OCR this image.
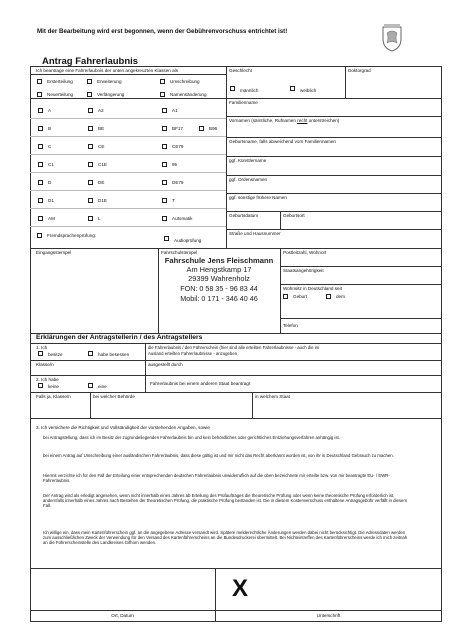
Mit der Bearbeitung wird erst begonnen, wenn der Gebührenvorschuss entrichtet ist!
Antrag Fahrerlaubnis
Ich beantrage eine Fahrerlaubnis der unten angekreuzten Klassen als
Ersterteilung	Erweiterung	Umschreibung
Neuerteilung	Verlängerung	Namensänderung
Geschlecht
männlich	weiblich
Doktorgrad
A	A2	A1
B	BE	BF17	B96
C	CE	CE79
C1	C1E	95
D	DE	DE79
D1	D1E	T
AM	L	Automatik
Fremdsprachenprüfung:
Audioprüfung
Familienname
Vornamen (sämtliche, Rufnamen recht unterstreichen)
Geburtsname, falls abweichend vom Familiennamen
ggf. Künstlername
ggf. Ordensnamen
ggf. sonstige frühere Namen
Geburtsdatum	Geburtsort
Straße und Hausnummer
Eingangsstempel	Fahrschulstempel
Fahrschule Jens Fleischmann
Am Hengstkamp 17
29399 Wahrenholz
FON: 0 58 35 - 96 83 44
Mobil: 0 171 - 346 40 46
Postleitzahl, Wohnort
Staatsangehörigkeit
Wohnsitz in Deutschland seit
Geburt	dem
Telefon
Erklärungen der Antragstellerin / des Antragstellers
1. Ich
besitze	habe besessen
die Fahrerlaubnis / den Führerschein (hier sind alle erteilten Fahrerlaubnisse - auch die im
Ausland erteilten Fahrerlaubnisse - anzugeben
Klasse/n	ausgestellt durch
2. Ich habe
keine	eine
Fahrerlaubnis bei einem anderen Staat beantragt
Falls ja, Klasse/n	bei welcher Behörde	in welchem Staat
3. Ich versichere die Richtigkeit und Vollständigkeit der vorstehenden Angaben, sowie
bei Antragstellung, dass ich im Besitz der zugrundeliegenden Fahrerlaubnis bin und kein behördliches oder gerichtliches Entziehungsverfahren anhängig ist.
bei einem Antrag auf Umschreibung einer ausländischen Fahrerlaubnis, dass diese gültig ist und mir nicht das Recht aberkannt worden ist, von ihr in Deutschland Gebrauch zu machen.
Hiermit verzichte ich für den Fall der Erteilung einer entsprechenden deutschen Fahrerlaubnis unwiderruflich auf die oben bezeichnete mir erteilte bzw. von mir beantragte EU- / EWR-Fahrerlaubnis.
Der Antrag wird als erledigt angesehen, wenn nicht innerhalb eines Jahres ab Erteilung des Prüfauftrages die theoretische Prüfung oder wenn keine theoretische Prüfung erforderlich ist, andernfalls innerhalb eines Jahres nach Bestehen der theoretischen Prüfung, die praktische Prüfung bestanden ist. Die in diesem Kostenverschuss enthaltene Antragsgebühr verfällt in diesem Fall.
Ich willige ein, dass mein Kartenführerschein ggf. an die angegebene Adresse versandt wird. Spätere melderechtliche Änderungen werden dabei nicht berücksichtigt. Die Adressdaten werden zum ausschließlichen Zweck der Verwendung für den Versand des Kartenführerscheins an die Bundesdruckerei übermittelt. Bei Nichteintreffen des Kartenführerscheins werde ich mich zeitnah an die Führerscheinstelle des Landkreises Gifhorn wenden.
X
Ort, Datum	Unterschrift
